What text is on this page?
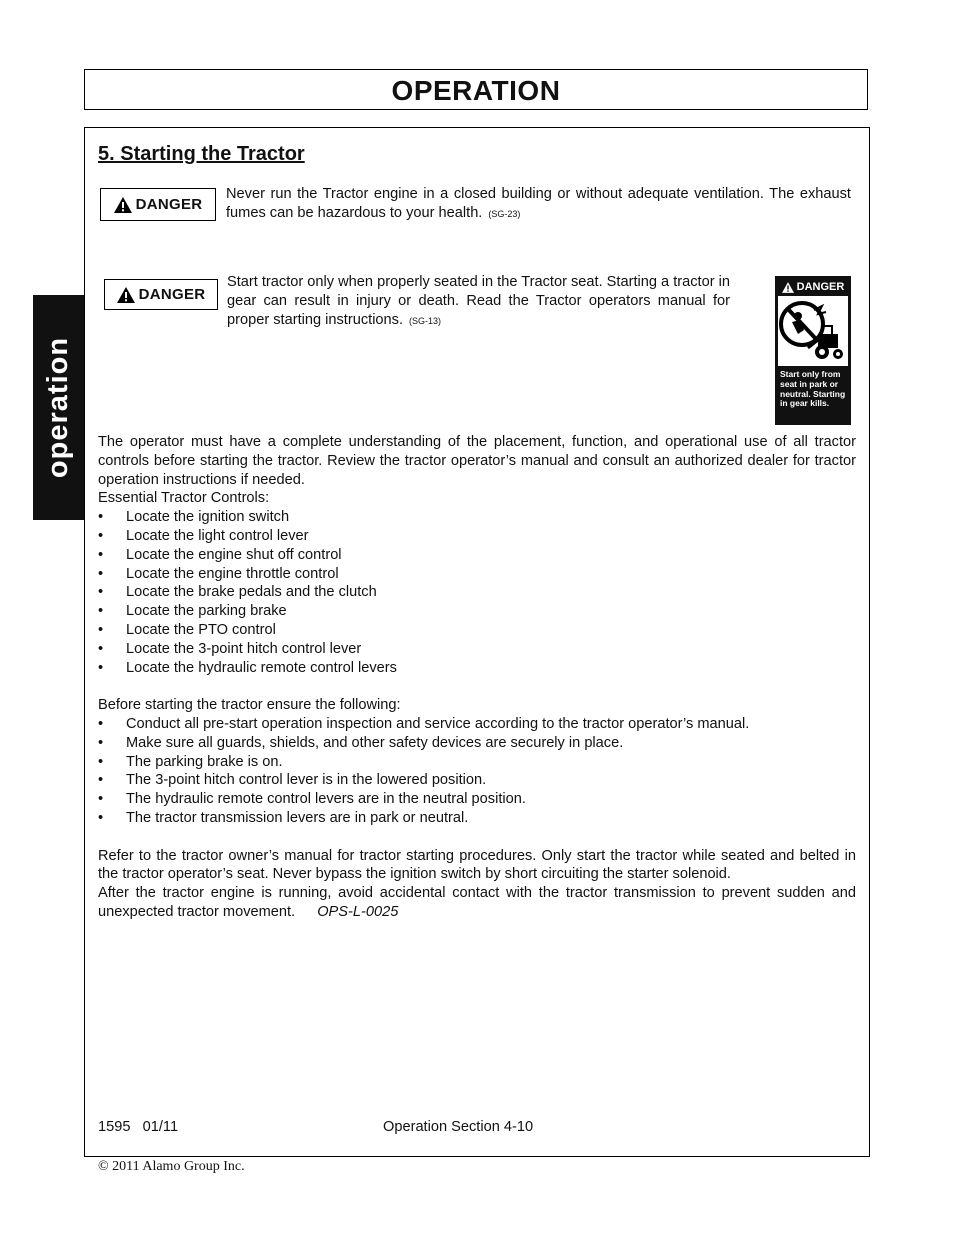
OPERATION
operation
5. Starting the Tractor
DANGER
Never run the Tractor engine in a closed building or without adequate ventilation. The exhaust fumes can be hazardous to your health. (SG-23)
DANGER
Start tractor only when properly seated in the Tractor seat. Starting a tractor in gear can result in injury or death. Read the Tractor operators manual for proper starting instructions. (SG-13)
DANGER
Start only from seat in park or neutral. Starting in gear kills.

The operator must have a complete understanding of the placement, function, and operational use of all tractor controls before starting the tractor. Review the tractor operator’s manual and consult an authorized dealer for tractor operation instructions if needed.

Essential Tractor Controls:
• Locate the ignition switch
• Locate the light control lever
• Locate the engine shut off control
• Locate the engine throttle control
• Locate the brake pedals and the clutch
• Locate the parking brake
• Locate the PTO control
• Locate the 3-point hitch control lever
• Locate the hydraulic remote control levers
Before starting the tractor ensure the following:
• Conduct all pre-start operation inspection and service according to the tractor operator’s manual.
• Make sure all guards, shields, and other safety devices are securely in place.
• The parking brake is on.
• The 3-point hitch control lever is in the lowered position.
• The hydraulic remote control levers are in the neutral position.
• The tractor transmission levers are in park or neutral.

Refer to the tractor owner’s manual for tractor starting procedures. Only start the tractor while seated and belted in the tractor operator’s seat. Never bypass the ignition switch by short circuiting the starter solenoid.

After the tractor engine is running, avoid accidental contact with the tractor transmission to prevent sudden and unexpected tractor movement. OPS-L-0025

1595   01/11	Operation Section 4-10
© 2011 Alamo Group Inc.
